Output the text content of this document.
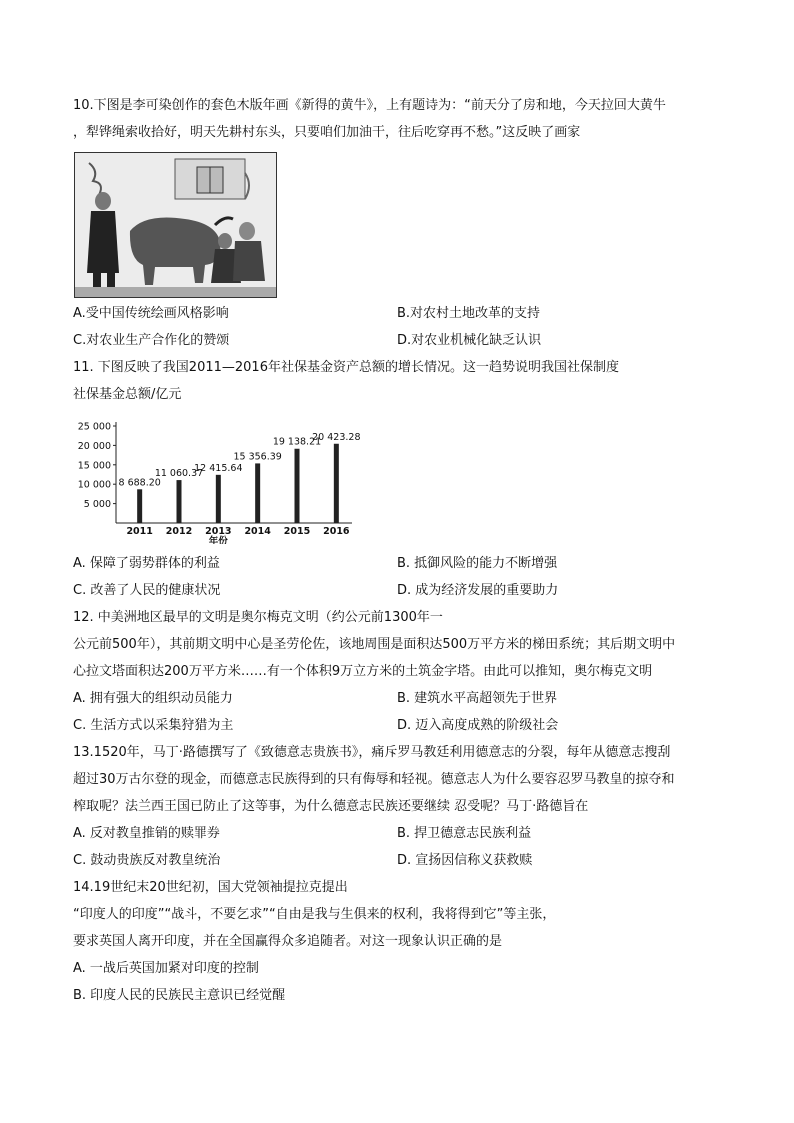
10.下图是李可染创作的套色木版年画《新得的黄牛》，上有题诗为：“前天分了房和地，今天拉回大黄牛
，犁铧绳索收拾好，明天先耕村东头，只要咱们加油干，往后吃穿再不愁。”这反映了画家
A.受中国传统绘画风格影响	B.对农村土地改革的支持
C.对农业生产合作化的赞颂	D.对农业机械化缺乏认识
11. 下图反映了我国2011—2016年社保基金资产总额的增长情况。这一趋势说明我国社保制度
社保基金总额/亿元
5 000
10 000
15 000
20 000
25 000
8 688.20
2011
11 060.37
2012
12 415.64
2013
15 356.39
2014
19 138.21
2015
20 423.28
2016
年份
A. 保障了弱势群体的利益	B. 抵御风险的能力不断增强
C. 改善了人民的健康状况	D. 成为经济发展的重要助力
12. 中美洲地区最早的文明是奥尔梅克文明（约公元前1300年一
公元前500年），其前期文明中心是圣劳伦佐，该地周围是面积达500万平方米的梯田系统；其后期文明中
心拉文塔面积达200万平方米……有一个体积9万立方米的土筑金字塔。由此可以推知，奥尔梅克文明
A. 拥有强大的组织动员能力	B. 建筑水平高超领先于世界
C. 生活方式以采集狩猎为主	D. 迈入高度成熟的阶级社会
13.1520年，马丁·路德撰写了《致德意志贵族书》，痛斥罗马教廷利用德意志的分裂，每年从德意志搜刮
超过30万古尔登的现金，而德意志民族得到的只有侮辱和轻视。德意志人为什么要容忍罗马教皇的掠夺和
榨取呢？法兰西王国已防止了这等事，为什么德意志民族还要继续 忍受呢？马丁·路德旨在
A. 反对教皇推销的赎罪券	B. 捍卫德意志民族利益
C. 鼓动贵族反对教皇统治	D. 宣扬因信称义获救赎
14.19世纪末20世纪初，国大党领袖提拉克提出
“印度人的印度”“战斗，不要乞求”“自由是我与生俱来的权利，我将得到它”等主张，
要求英国人离开印度，并在全国赢得众多追随者。对这一现象认识正确的是
A. 一战后英国加紧对印度的控制
B. 印度人民的民族民主意识已经觉醒
